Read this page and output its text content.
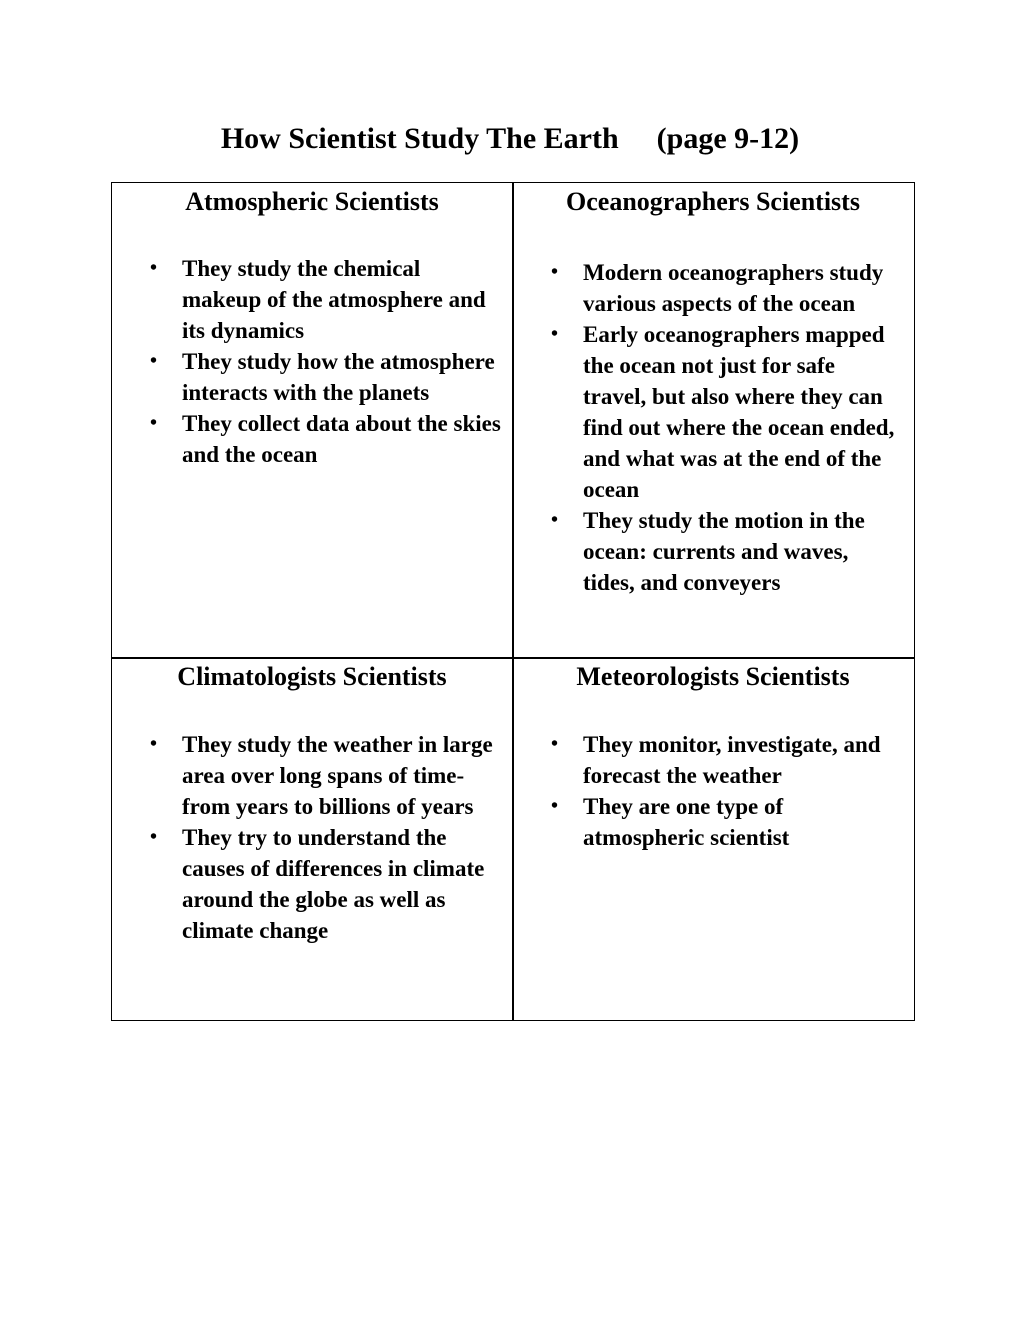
How Scientist Study The Earth (page 9-12)
Atmospheric Scientists
• They study the chemical makeup of the atmosphere and its dynamics
• They study how the atmosphere interacts with the planets
• They collect data about the skies and the ocean
Oceanographers Scientists
• Modern oceanographers study various aspects of the ocean
• Early oceanographers mapped the ocean not just for safe travel, but also where they can find out where the ocean ended, and what was at the end of the ocean
• They study the motion in the ocean: currents and waves, tides, and conveyers
Climatologists Scientists
• They study the weather in large area over long spans of time-from years to billions of years
• They try to understand the causes of differences in climate around the globe as well as climate change
Meteorologists Scientists
• They monitor, investigate, and forecast the weather
• They are one type of atmospheric scientist
